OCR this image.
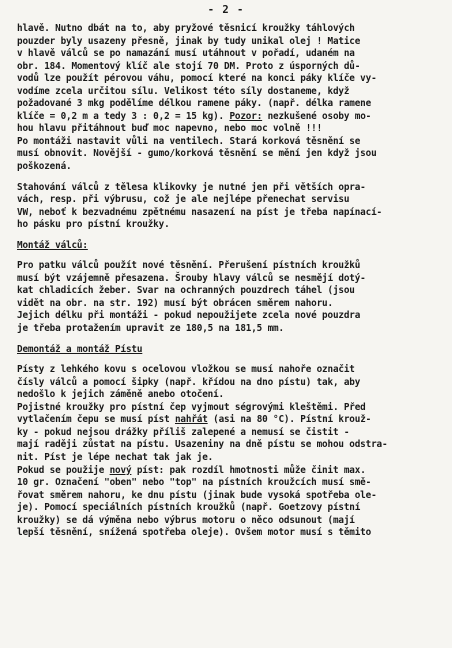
- 2 -
hlavě. Nutno dbát na to, aby pryžové těsnicí kroužky táhlových
pouzder byly usazeny přesně, jinak by tudy unikal olej ! Matice
v hlavě válců se po namazání musí utáhnout v pořadí, udaném na
obr. 184. Momentový klíč ale stojí 70 DM. Proto z úsporných dů-
vodů lze použít pérovou váhu, pomocí které na konci páky klíče vy-
vodíme zcela určitou sílu. Velikost této síly dostaneme, když
požadované 3 mkg podělíme délkou ramene páky. (např. délka ramene
klíče = 0,2 m a tedy 3 : 0,2 = 15 kg). Pozor: nezkušené osoby mo-
hou hlavu přitáhnout buď moc napevno, nebo moc volně !!!
Po montáži nastavit vůli na ventilech. Stará korková těsnění se
musí obnovit. Novější - gumo/korková těsnění se mění jen když jsou
poškozená.
Stahování válců z tělesa klikovky je nutné jen při větších opra-
vách, resp. při výbrusu, což je ale nejlépe přenechat servisu
VW, neboť k bezvadnému zpětnému nasazení na píst je třeba napínací-
ho pásku pro pístní kroužky.
Montáž válců:
Pro patku válců použít nové těsnění. Přerušení pístních kroužků
musí být vzájemně přesazena. Šrouby hlavy válců se nesmějí dotý-
kat chladicích žeber. Svar na ochranných pouzdrech táhel (jsou
vidět na obr. na str. 192) musí být obrácen směrem nahoru.
Jejich délku při montáži - pokud nepoužijete zcela nové pouzdra
je třeba protažením upravit ze 180,5 na 181,5 mm.
Demontáž a montáž Pístu
Písty z lehkého kovu s ocelovou vložkou se musí nahoře označit
čísly válců a pomocí šipky (např. křídou na dno pístu) tak, aby
nedošlo k jejich záměně anebo otočení.
Pojistné kroužky pro pístní čep vyjmout ségrovými kleštěmi. Před
vytlačením čepu se musí píst nahřát (asi na 80 °C). Pístní krouž-
ky - pokud nejsou drážky příliš zalepené a nemusí se čistit -
mají raději zůstat na pístu. Usazeniny na dně pístu se mohou odstra-
nit. Píst je lépe nechat tak jak je.
Pokud se použije nový píst: pak rozdíl hmotnosti může činit max.
10 gr. Označení "oben" nebo "top" na pístních kroužcích musí smě-
řovat směrem nahoru, ke dnu pístu (jinak bude vysoká spotřeba ole-
je). Pomocí speciálních pístních kroužků (např. Goetzovy pístní
kroužky) se dá výměna nebo výbrus motoru o něco odsunout (mají
lepší těsnění, snížená spotřeba oleje). Ovšem motor musí s těmito
